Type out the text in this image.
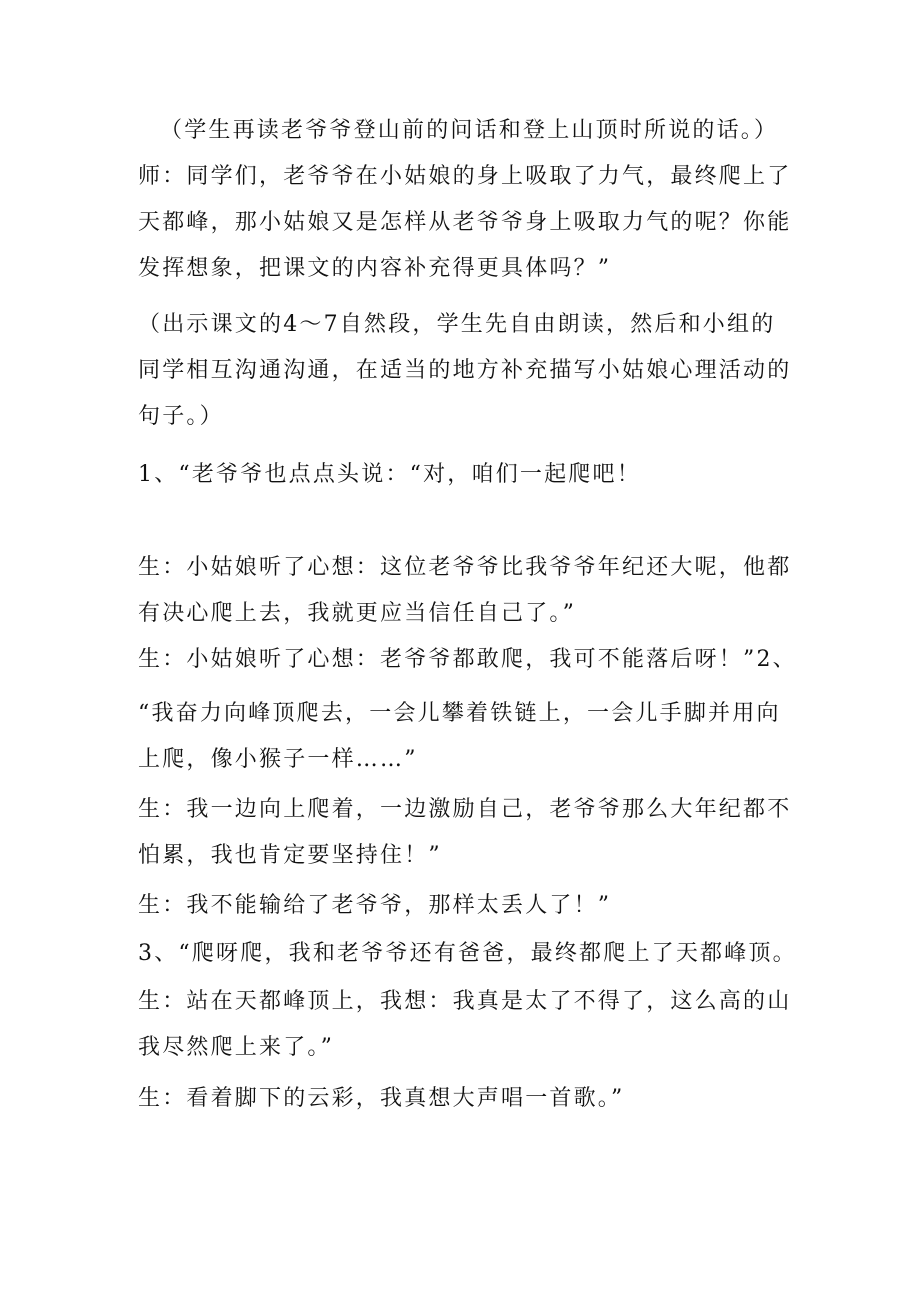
（学生再读老爷爷登山前的问话和登上山顶时所说的话。）
师：同学们，老爷爷在小姑娘的身上吸取了力气，最终爬上了
天都峰，那小姑娘又是怎样从老爷爷身上吸取力气的呢？你能
发挥想象，把课文的内容补充得更具体吗？”
（出示课文的4～7自然段，学生先自由朗读，然后和小组的
同学相互沟通沟通，在适当的地方补充描写小姑娘心理活动的
句子。）
1、“老爷爷也点点头说：“对，咱们一起爬吧！
生：小姑娘听了心想：这位老爷爷比我爷爷年纪还大呢，他都
有决心爬上去，我就更应当信任自己了。”
生：小姑娘听了心想：老爷爷都敢爬，我可不能落后呀！”2、
“我奋力向峰顶爬去，一会儿攀着铁链上，一会儿手脚并用向
上爬，像小猴子一样……”
生：我一边向上爬着，一边激励自己，老爷爷那么大年纪都不
怕累，我也肯定要坚持住！”
生：我不能输给了老爷爷，那样太丢人了！”
3、“爬呀爬，我和老爷爷还有爸爸，最终都爬上了天都峰顶。
生：站在天都峰顶上，我想：我真是太了不得了，这么高的山
我尽然爬上来了。”
生：看着脚下的云彩，我真想大声唱一首歌。”
